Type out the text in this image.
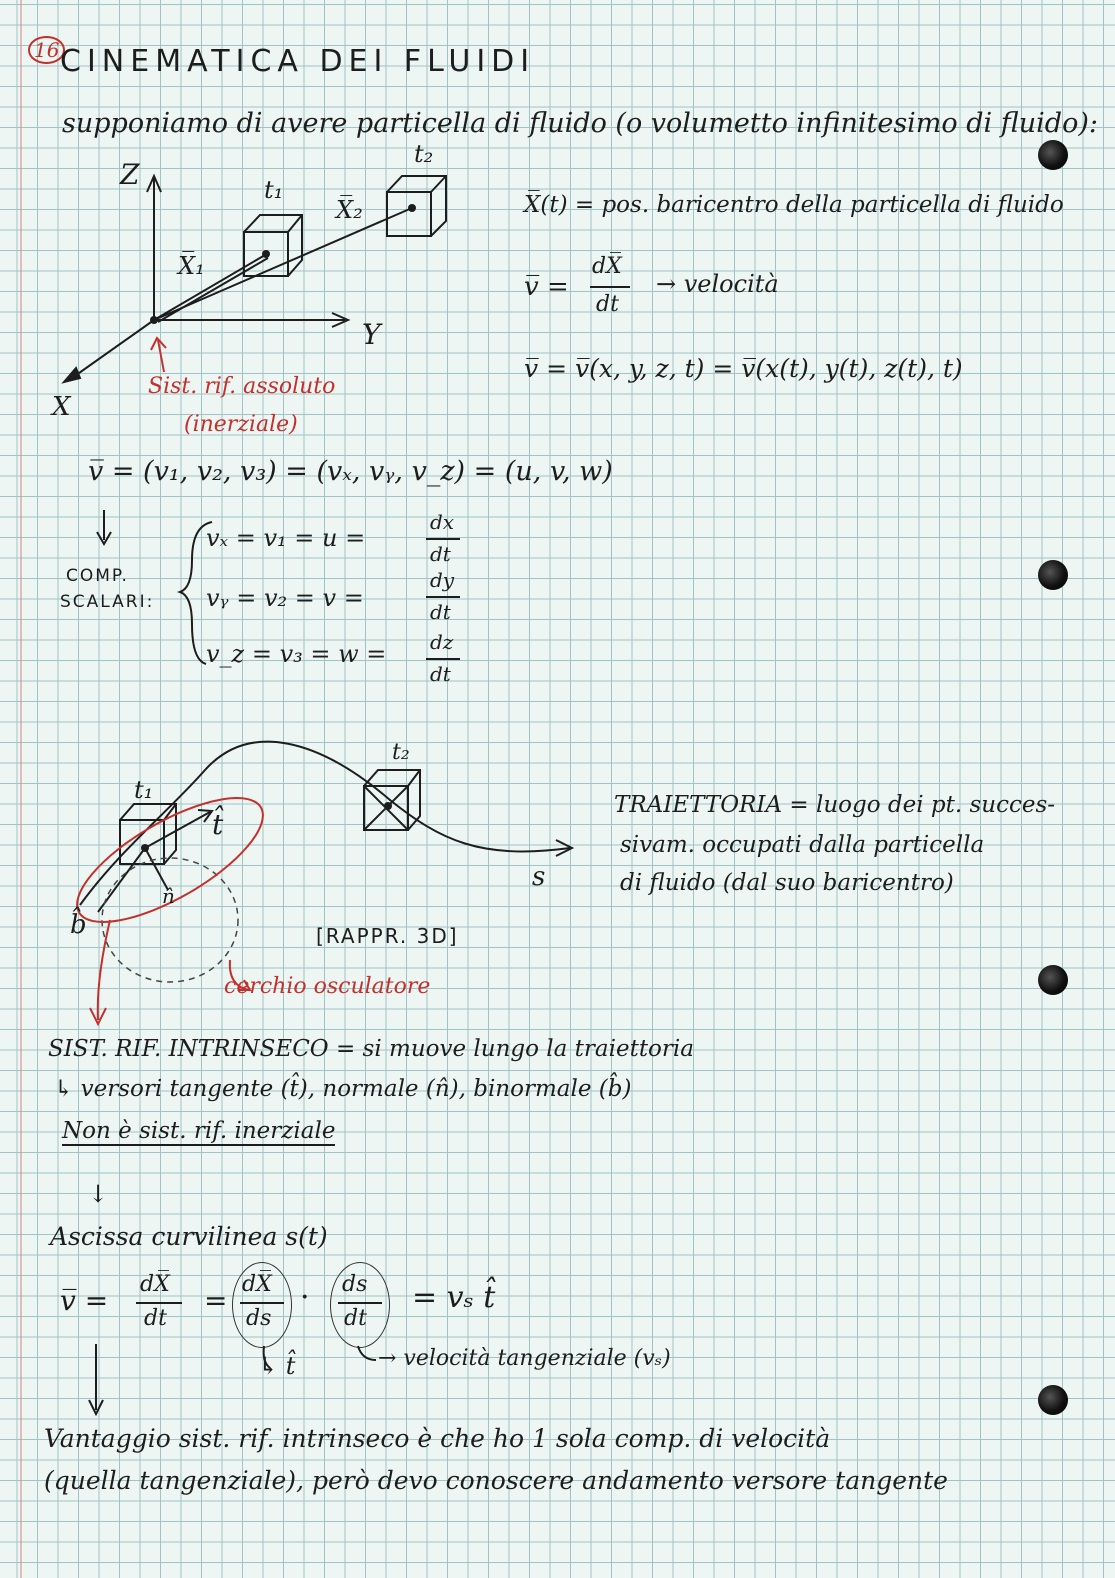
16 CINEMATICA DEI FLUIDI
supponiamo di avere particella di fluido (o volumetto infinitesimo di fluido):
Z
Y
X
t₁
t₂
X̅₁
X̅₂
Sist. rif. assoluto
(inerziale)
X̅(t) = pos. baricentro della particella di fluido
v̅ =
dX̅
dt
→ velocità
v̅ = v̅(x, y, z, t) = v̅(x(t), y(t), z(t), t)
v̅ = (v₁, v₂, v₃) = (vₓ, vᵧ, v_z) = (u, v, w)
COMP.
SCALARI:
vₓ = v₁ = u =
dx
dt
vᵧ = v₂ = v =
dy
dt
v_z = v₃ = w = dz
dt
t₁
t₂
t̂
n̂
b̂
s
[RAPPR. 3D]
cerchio osculatore
TRAIETTORIA = luogo dei pt. succes-
sivam. occupati dalla particella
di fluido (dal suo baricentro)
SIST. RIF. INTRINSECO = si muove lungo la traiettoria
↳ versori tangente (t̂), normale (n̂), binormale (b̂)
Non è sist. rif. inerziale
↓
Ascissa curvilinea s(t)
v̅ = dX̅
dt
= dX̅
ds
· ds
dt
= vₛ t̂
↳ t̂	→ velocità tangenziale (vₛ)
Vantaggio sist. rif. intrinseco è che ho 1 sola comp. di velocità
(quella tangenziale), però devo conoscere andamento versore tangente
